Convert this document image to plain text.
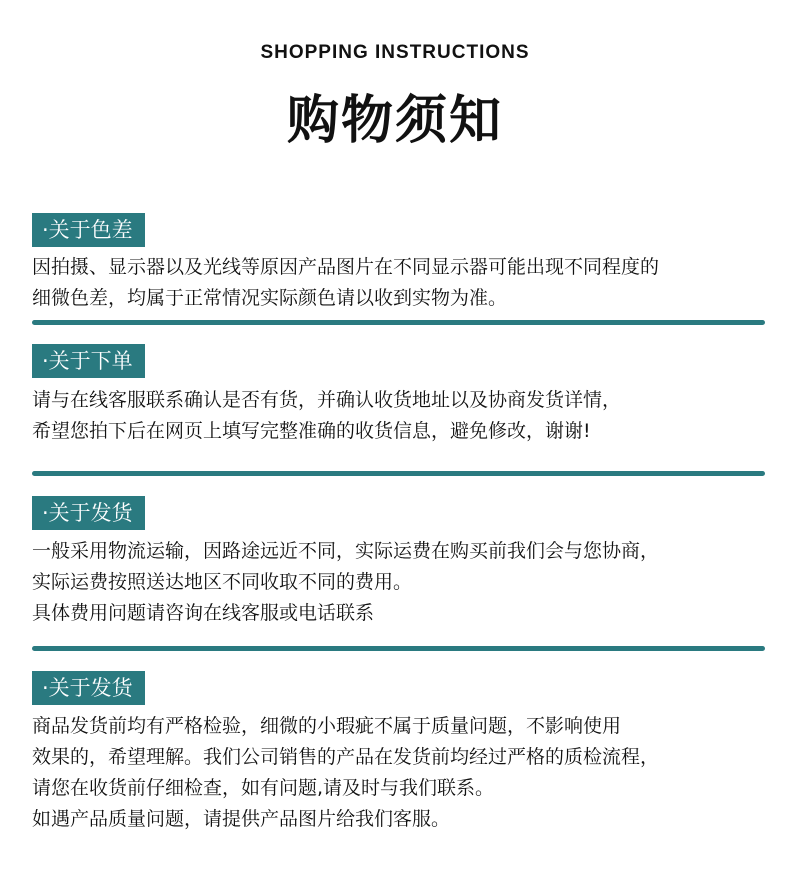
SHOPPING INSTRUCTIONS
购物须知
·关于色差
因拍摄、显示器以及光线等原因产品图片在不同显示器可能出现不同程度的
细微色差，均属于正常情况实际颜色请以收到实物为准。
·关于下单
请与在线客服联系确认是否有货，并确认收货地址以及协商发货详情，
希望您拍下后在网页上填写完整准确的收货信息，避免修改，谢谢!
·关于发货
一般采用物流运输，因路途远近不同，实际运费在购买前我们会与您协商，
实际运费按照送达地区不同收取不同的费用。
具体费用问题请咨询在线客服或电话联系
·关于发货
商品发货前均有严格检验，细微的小瑕疵不属于质量问题，不影响使用
效果的，希望理解。我们公司销售的产品在发货前均经过严格的质检流程，
请您在收货前仔细检查，如有问题,请及时与我们联系。
如遇产品质量问题，请提供产品图片给我们客服。
